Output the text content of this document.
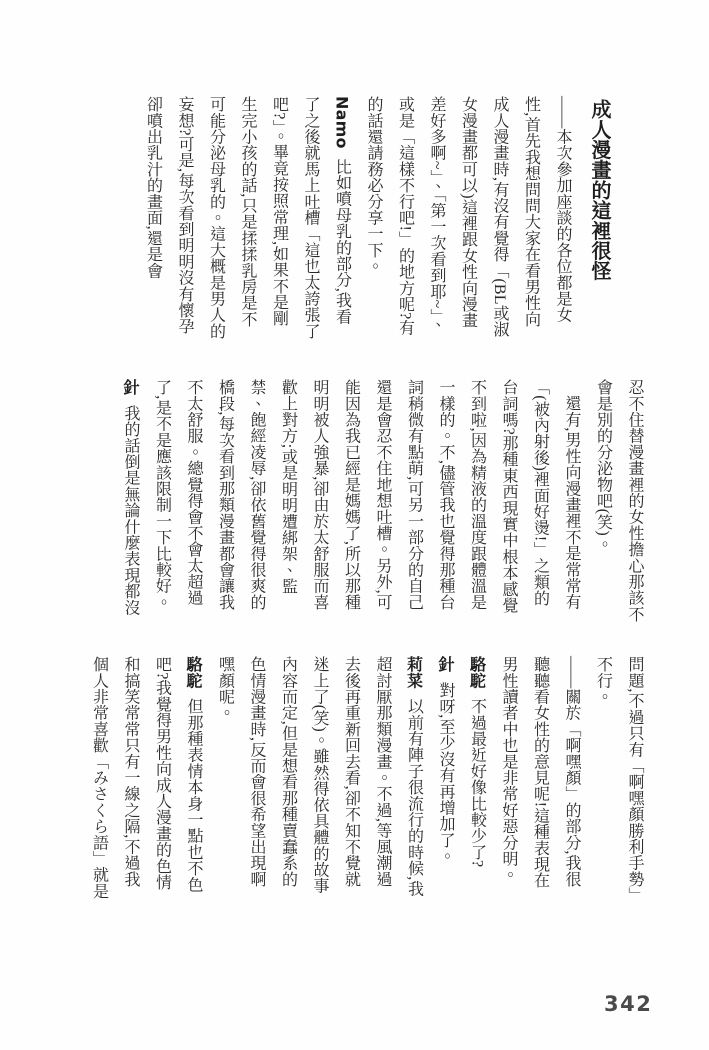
成人漫畫的這裡很怪

——本次參加座談的各位都是女性,首先我想問問大家在看男性向成人漫畫時,有沒有覺得「(BL或淑女漫畫都可以)這裡跟女性向漫畫差好多啊~」、「第一次看到耶~」、或是「這樣不行吧!」的地方呢?有的話還請務必分享一下。

Namo比如噴母乳的部分,我看了之後就馬上吐槽「這也太誇張了吧?」。畢竟按照常理,如果不是剛生完小孩的話,只是揉揉乳房是不可能分泌母乳的。這大概是男人的妄想?可是,每次看到明明沒有懷孕卻噴出乳汁的畫面,還是會

忍不住替漫畫裡的女性擔心那該不會是別的分泌物吧(笑)。

還有,男性向漫畫裡不是常常有「(被內射後)裡面好燙!」之類的台詞嗎?那種東西現實中根本感覺不到啦,因為精液的溫度跟體溫是一樣的。不,儘管我也覺得那種台詞稍微有點萌,可另一部分的自己還是會忍不住地想吐槽。另外,可能因為我已經是媽媽了,所以那種明明被人強暴,卻由於太舒服而喜歡上對方;或是明明遭綁架、監禁、飽經凌辱,卻依舊覺得很爽的橋段,每次看到那類漫畫都會讓我不太舒服。總覺得會不會太超過了,是不是應該限制一下比較好。

針我的話倒是無論什麼表現都沒

問題,不過只有「啊嘿顏勝利手勢」不行。

——關於「啊嘿顏」的部分,我很聽聽看女性的意見呢!這種表現在男性讀者中也是非常好惡分明。

駱駝不過最近好像比較少了?

針對呀,至少沒有再增加了。

莉菜以前有陣子很流行的時候,我超討厭那類漫畫。不過,等風潮過去後再重新回去看,卻不知不覺就迷上了(笑)。雖然得依具體的故事內容而定,但是想看那種賣蠢系的色情漫畫時,反而會很希望出現啊嘿顏呢。

駱駝但那種表情本身一點也不色吧?我覺得男性向成人漫畫的色情和搞笑常常只有一線之隔,不過我個人非常喜歡「みさくら語」就是

342
